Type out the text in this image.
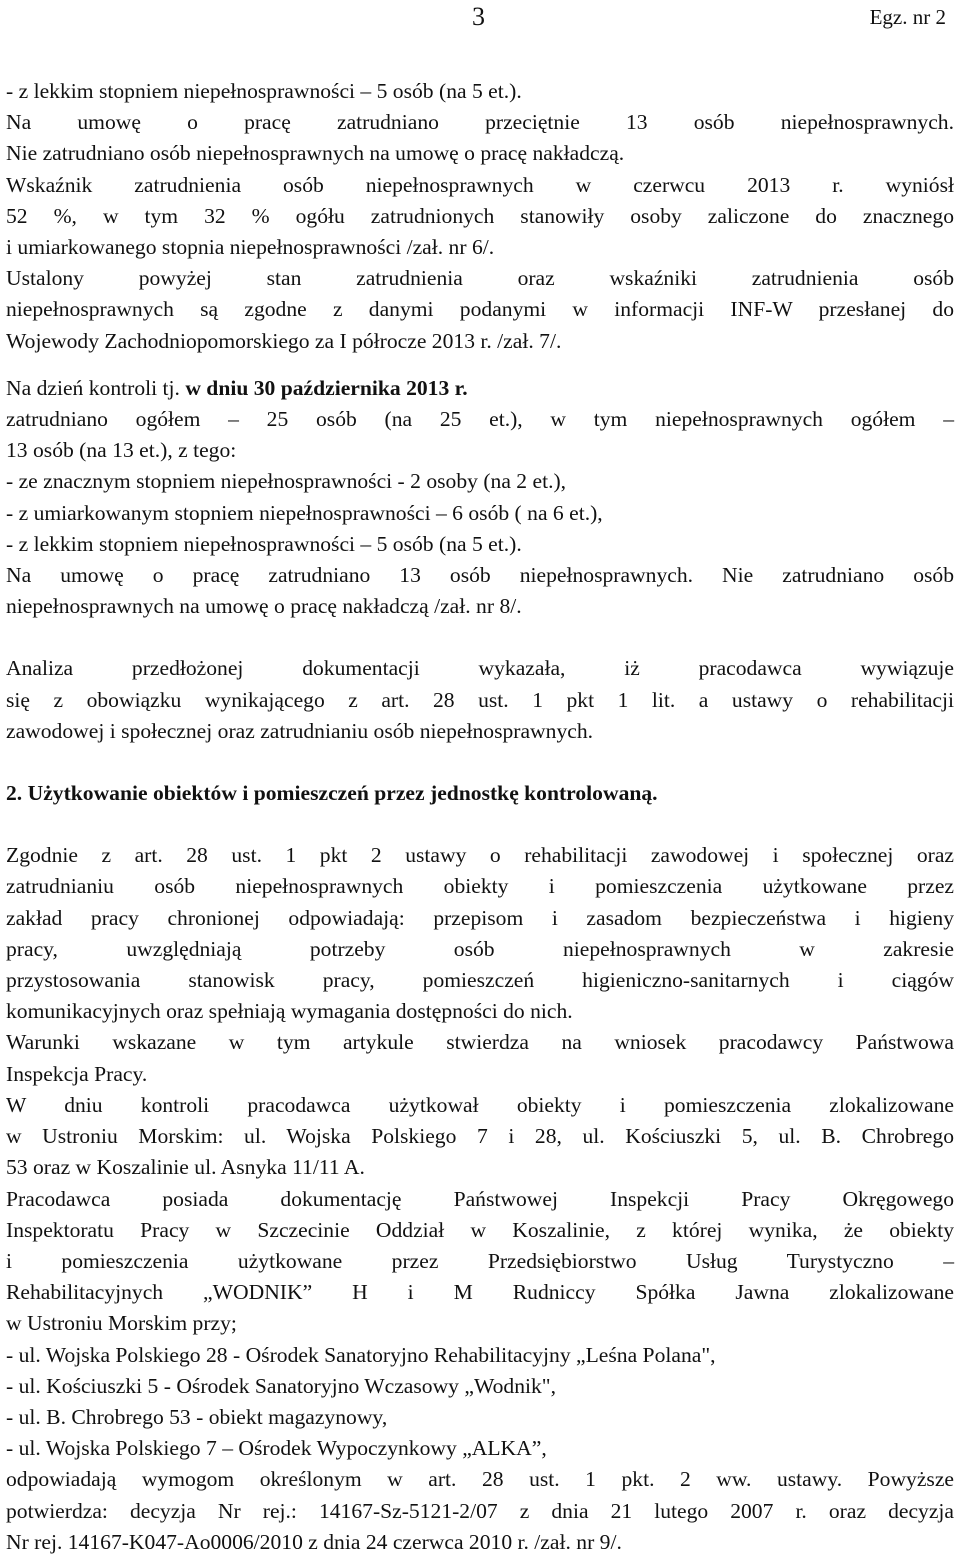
3	Egz. nr 2

- z lekkim stopniem niepełnosprawności – 5 osób (na 5 et.).

Na umowę o pracę zatrudniano przeciętnie 13 osób niepełnosprawnych.

Nie zatrudniano osób niepełnosprawnych na umowę o pracę nakładczą.

Wskaźnik zatrudnienia osób niepełnosprawnych w czerwcu 2013 r. wyniósł

52 %, w tym 32 % ogółu zatrudnionych stanowiły osoby zaliczone do znacznego

i umiarkowanego stopnia niepełnosprawności /zał. nr 6/.

Ustalony powyżej stan zatrudnienia oraz wskaźniki zatrudnienia osób

niepełnosprawnych są zgodne z danymi podanymi w informacji INF-W przesłanej do

Wojewody Zachodniopomorskiego za I półrocze 2013 r. /zał. 7/.

Na dzień kontroli tj. w dniu 30 października 2013 r.

zatrudniano ogółem – 25 osób (na 25 et.), w tym niepełnosprawnych ogółem –

13 osób (na 13 et.), z tego:

- ze znacznym stopniem niepełnosprawności - 2 osoby (na 2 et.),

- z umiarkowanym stopniem niepełnosprawności – 6 osób ( na 6 et.),

- z lekkim stopniem niepełnosprawności – 5 osób (na 5 et.).

Na umowę o pracę zatrudniano 13 osób niepełnosprawnych. Nie zatrudniano osób

niepełnosprawnych na umowę o pracę nakładczą /zał. nr 8/.

Analiza przedłożonej dokumentacji wykazała, iż pracodawca wywiązuje

się z obowiązku wynikającego z art. 28 ust. 1 pkt 1 lit. a ustawy o rehabilitacji

zawodowej i społecznej oraz zatrudnianiu osób niepełnosprawnych.

2. Użytkowanie obiektów i pomieszczeń przez jednostkę kontrolowaną.

Zgodnie z art. 28 ust. 1 pkt 2 ustawy o rehabilitacji zawodowej i społecznej oraz

zatrudnianiu osób niepełnosprawnych obiekty i pomieszczenia użytkowane przez

zakład pracy chronionej odpowiadają: przepisom i zasadom bezpieczeństwa i higieny

pracy, uwzględniają potrzeby osób niepełnosprawnych w zakresie

przystosowania stanowisk pracy, pomieszczeń higieniczno-sanitarnych i ciągów

komunikacyjnych oraz spełniają wymagania dostępności do nich.

Warunki wskazane w tym artykule stwierdza na wniosek pracodawcy Państwowa

Inspekcja Pracy.

W dniu kontroli pracodawca użytkował obiekty i pomieszczenia zlokalizowane

w Ustroniu Morskim: ul. Wojska Polskiego 7 i 28, ul. Kościuszki 5, ul. B. Chrobrego

53 oraz w Koszalinie ul. Asnyka 11/11 A.

Pracodawca posiada dokumentację Państwowej Inspekcji Pracy Okręgowego

Inspektoratu Pracy w Szczecinie Oddział w Koszalinie, z której wynika, że obiekty

i pomieszczenia użytkowane przez Przedsiębiorstwo Usług Turystyczno –

Rehabilitacyjnych „WODNIK” H i M Rudniccy Spółka Jawna zlokalizowane

w Ustroniu Morskim przy;

- ul. Wojska Polskiego 28 - Ośrodek Sanatoryjno Rehabilitacyjny „Leśna Polana",

- ul. Kościuszki 5 - Ośrodek Sanatoryjno Wczasowy „Wodnik",

- ul. B. Chrobrego 53 - obiekt magazynowy,

- ul. Wojska Polskiego 7 – Ośrodek Wypoczynkowy „ALKA”,

odpowiadają wymogom określonym w art. 28 ust. 1 pkt. 2 ww. ustawy. Powyższe

potwierdza: decyzja Nr rej.: 14167-Sz-5121-2/07 z dnia 21 lutego 2007 r. oraz decyzja

Nr rej. 14167-K047-Ao0006/2010 z dnia 24 czerwca 2010 r. /zał. nr 9/.
